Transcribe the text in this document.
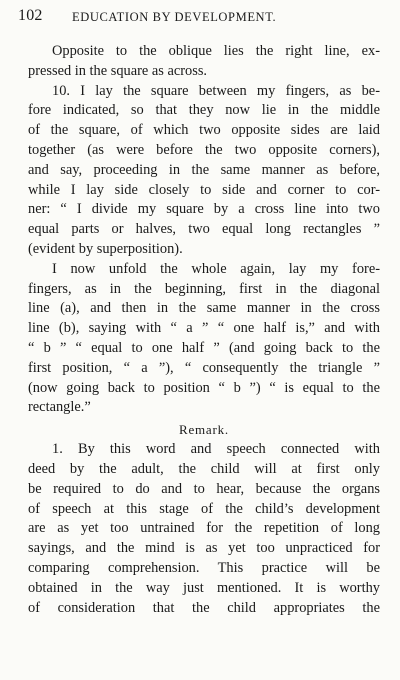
102 EDUCATION BY DEVELOPMENT.

Opposite to the oblique lies the right line, ex-
pressed in the square as across.

10. I lay the square between my fingers, as be-
fore indicated, so that they now lie in the middle
of the square, of which two opposite sides are laid
together (as were before the two opposite corners),
and say, proceeding in the same manner as before,
while I lay side closely to side and corner to cor-
ner: “ I divide my square by a cross line into two
equal parts or halves, two equal long rectangles ”
(evident by superposition).

I now unfold the whole again, lay my fore-
fingers, as in the beginning, first in the diagonal
line (a), and then in the same manner in the cross
line (b), saying with “ a ” “ one half is,” and with
“ b ” “ equal to one half ” (and going back to the
first position, “ a ”), “ consequently the triangle ”
(now going back to position “ b ”) “ is equal to the
rectangle.”

Remark.

1. By this word and speech connected with
deed by the adult, the child will at first only
be required to do and to hear, because the organs
of speech at this stage of the child’s development
are as yet too untrained for the repetition of long
sayings, and the mind is as yet too unpracticed for
comparing comprehension. This practice will be
obtained in the way just mentioned. It is worthy
of consideration that the child appropriates the
